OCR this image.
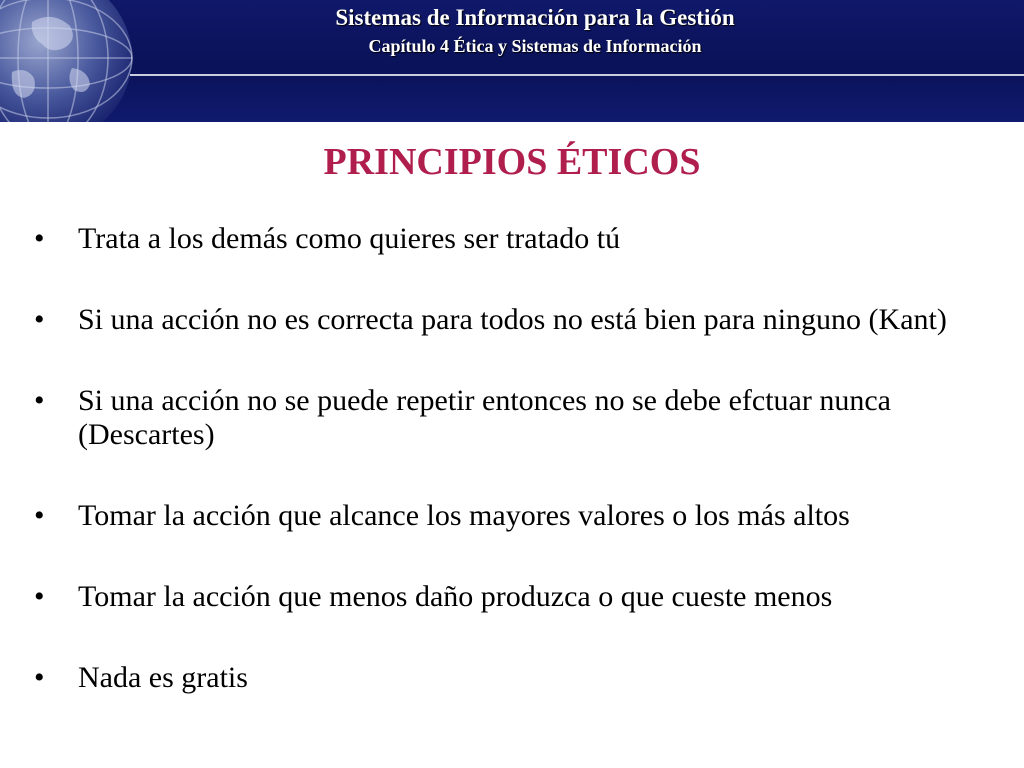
Sistemas de Información para la Gestión
Capítulo 4 Ética y Sistemas de Información
PRINCIPIOS ÉTICOS
• Trata a los demás como quieres ser tratado tú
• Si una acción no es correcta para todos no está bien para ninguno (Kant)
• Si una acción no se puede repetir entonces no se debe efctuar nunca (Descartes)
• Tomar la acción que alcance los mayores valores o los más altos
• Tomar la acción que menos daño produzca o que cueste menos
• Nada es gratis
